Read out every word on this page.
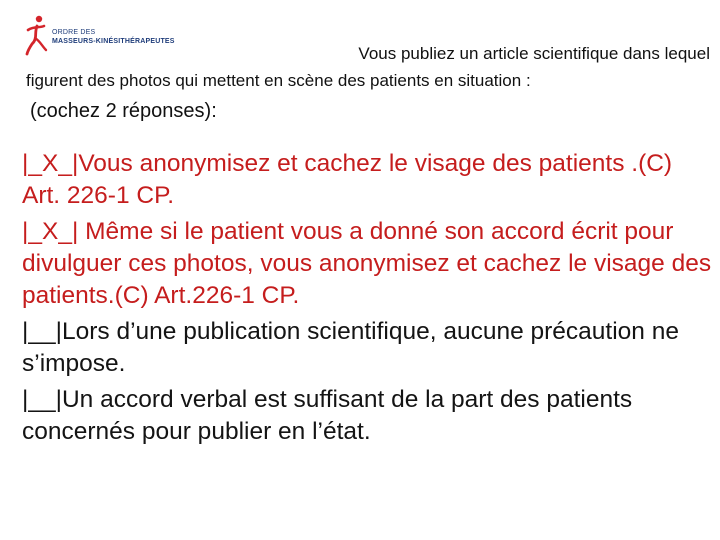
ORDRE DES
MASSEURS-KINÉSITHÉRAPEUTES
Vous publiez un article scientifique dans lequel
figurent des photos qui mettent en scène des patients en situation :
(cochez 2 réponses):

|_X_|Vous anonymisez et cachez le visage des patients .(C) Art. 226-1 CP.

|_X_| Même si le patient vous a donné son accord écrit pour divulguer ces photos, vous anonymisez et cachez le visage des patients.(C) Art.226-1 CP.

|__|Lors d’une publication scientifique, aucune précaution ne s’impose.

|__|Un accord verbal est suffisant de la part des patients concernés pour publier en l’état.
